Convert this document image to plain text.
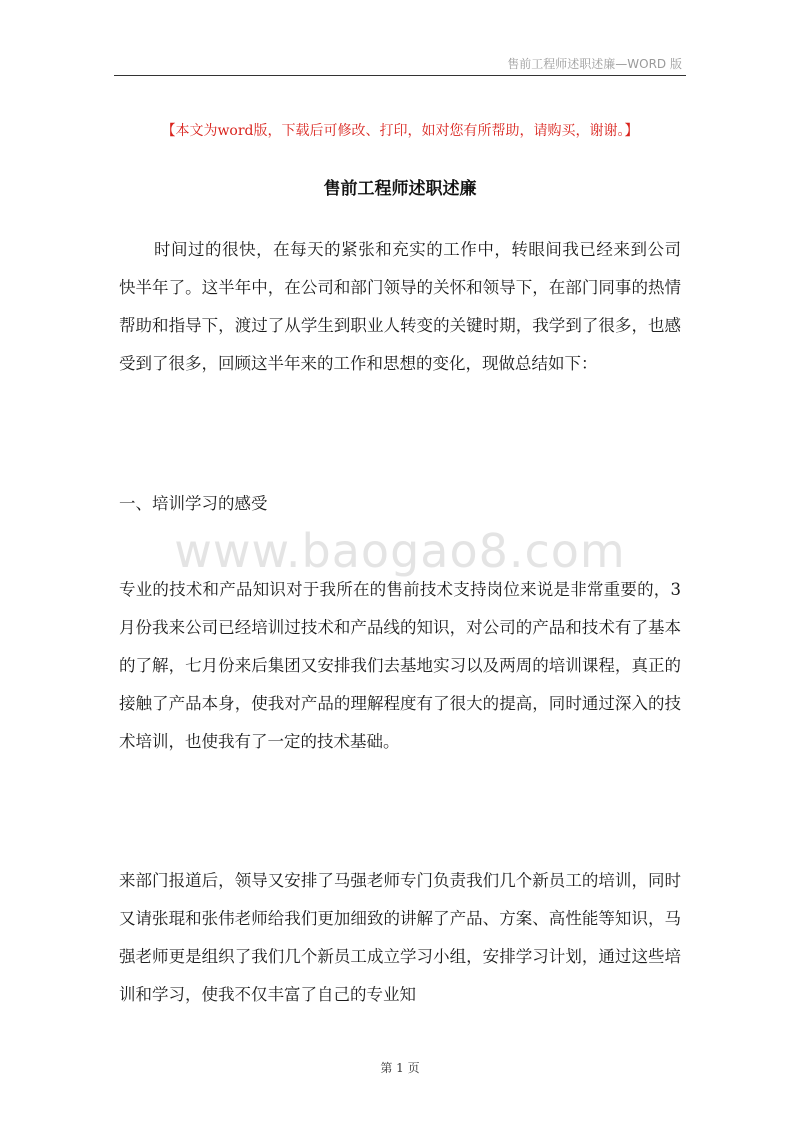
售前工程师述职述廉—WORD 版
【本文为word版，下载后可修改、打印，如对您有所帮助，请购买，谢谢。】
售前工程师述职述廉

时间过的很快，在每天的紧张和充实的工作中，转眼间我已经来到公司快半年了。这半年中，在公司和部门领导的关怀和领导下，在部门同事的热情帮助和指导下，渡过了从学生到职业人转变的关键时期，我学到了很多，也感受到了很多，回顾这半年来的工作和思想的变化，现做总结如下：

一、培训学习的感受

www.baogao8.com

专业的技术和产品知识对于我所在的售前技术支持岗位来说是非常重要的，3月份我来公司已经培训过技术和产品线的知识，对公司的产品和技术有了基本的了解，七月份来后集团又安排我们去基地实习以及两周的培训课程，真正的接触了产品本身，使我对产品的理解程度有了很大的提高，同时通过深入的技术培训，也使我有了一定的技术基础。

来部门报道后，领导又安排了马强老师专门负责我们几个新员工的培训，同时又请张琨和张伟老师给我们更加细致的讲解了产品、方案、高性能等知识，马强老师更是组织了我们几个新员工成立学习小组，安排学习计划，通过这些培训和学习，使我不仅丰富了自己的专业知

第 1 页
